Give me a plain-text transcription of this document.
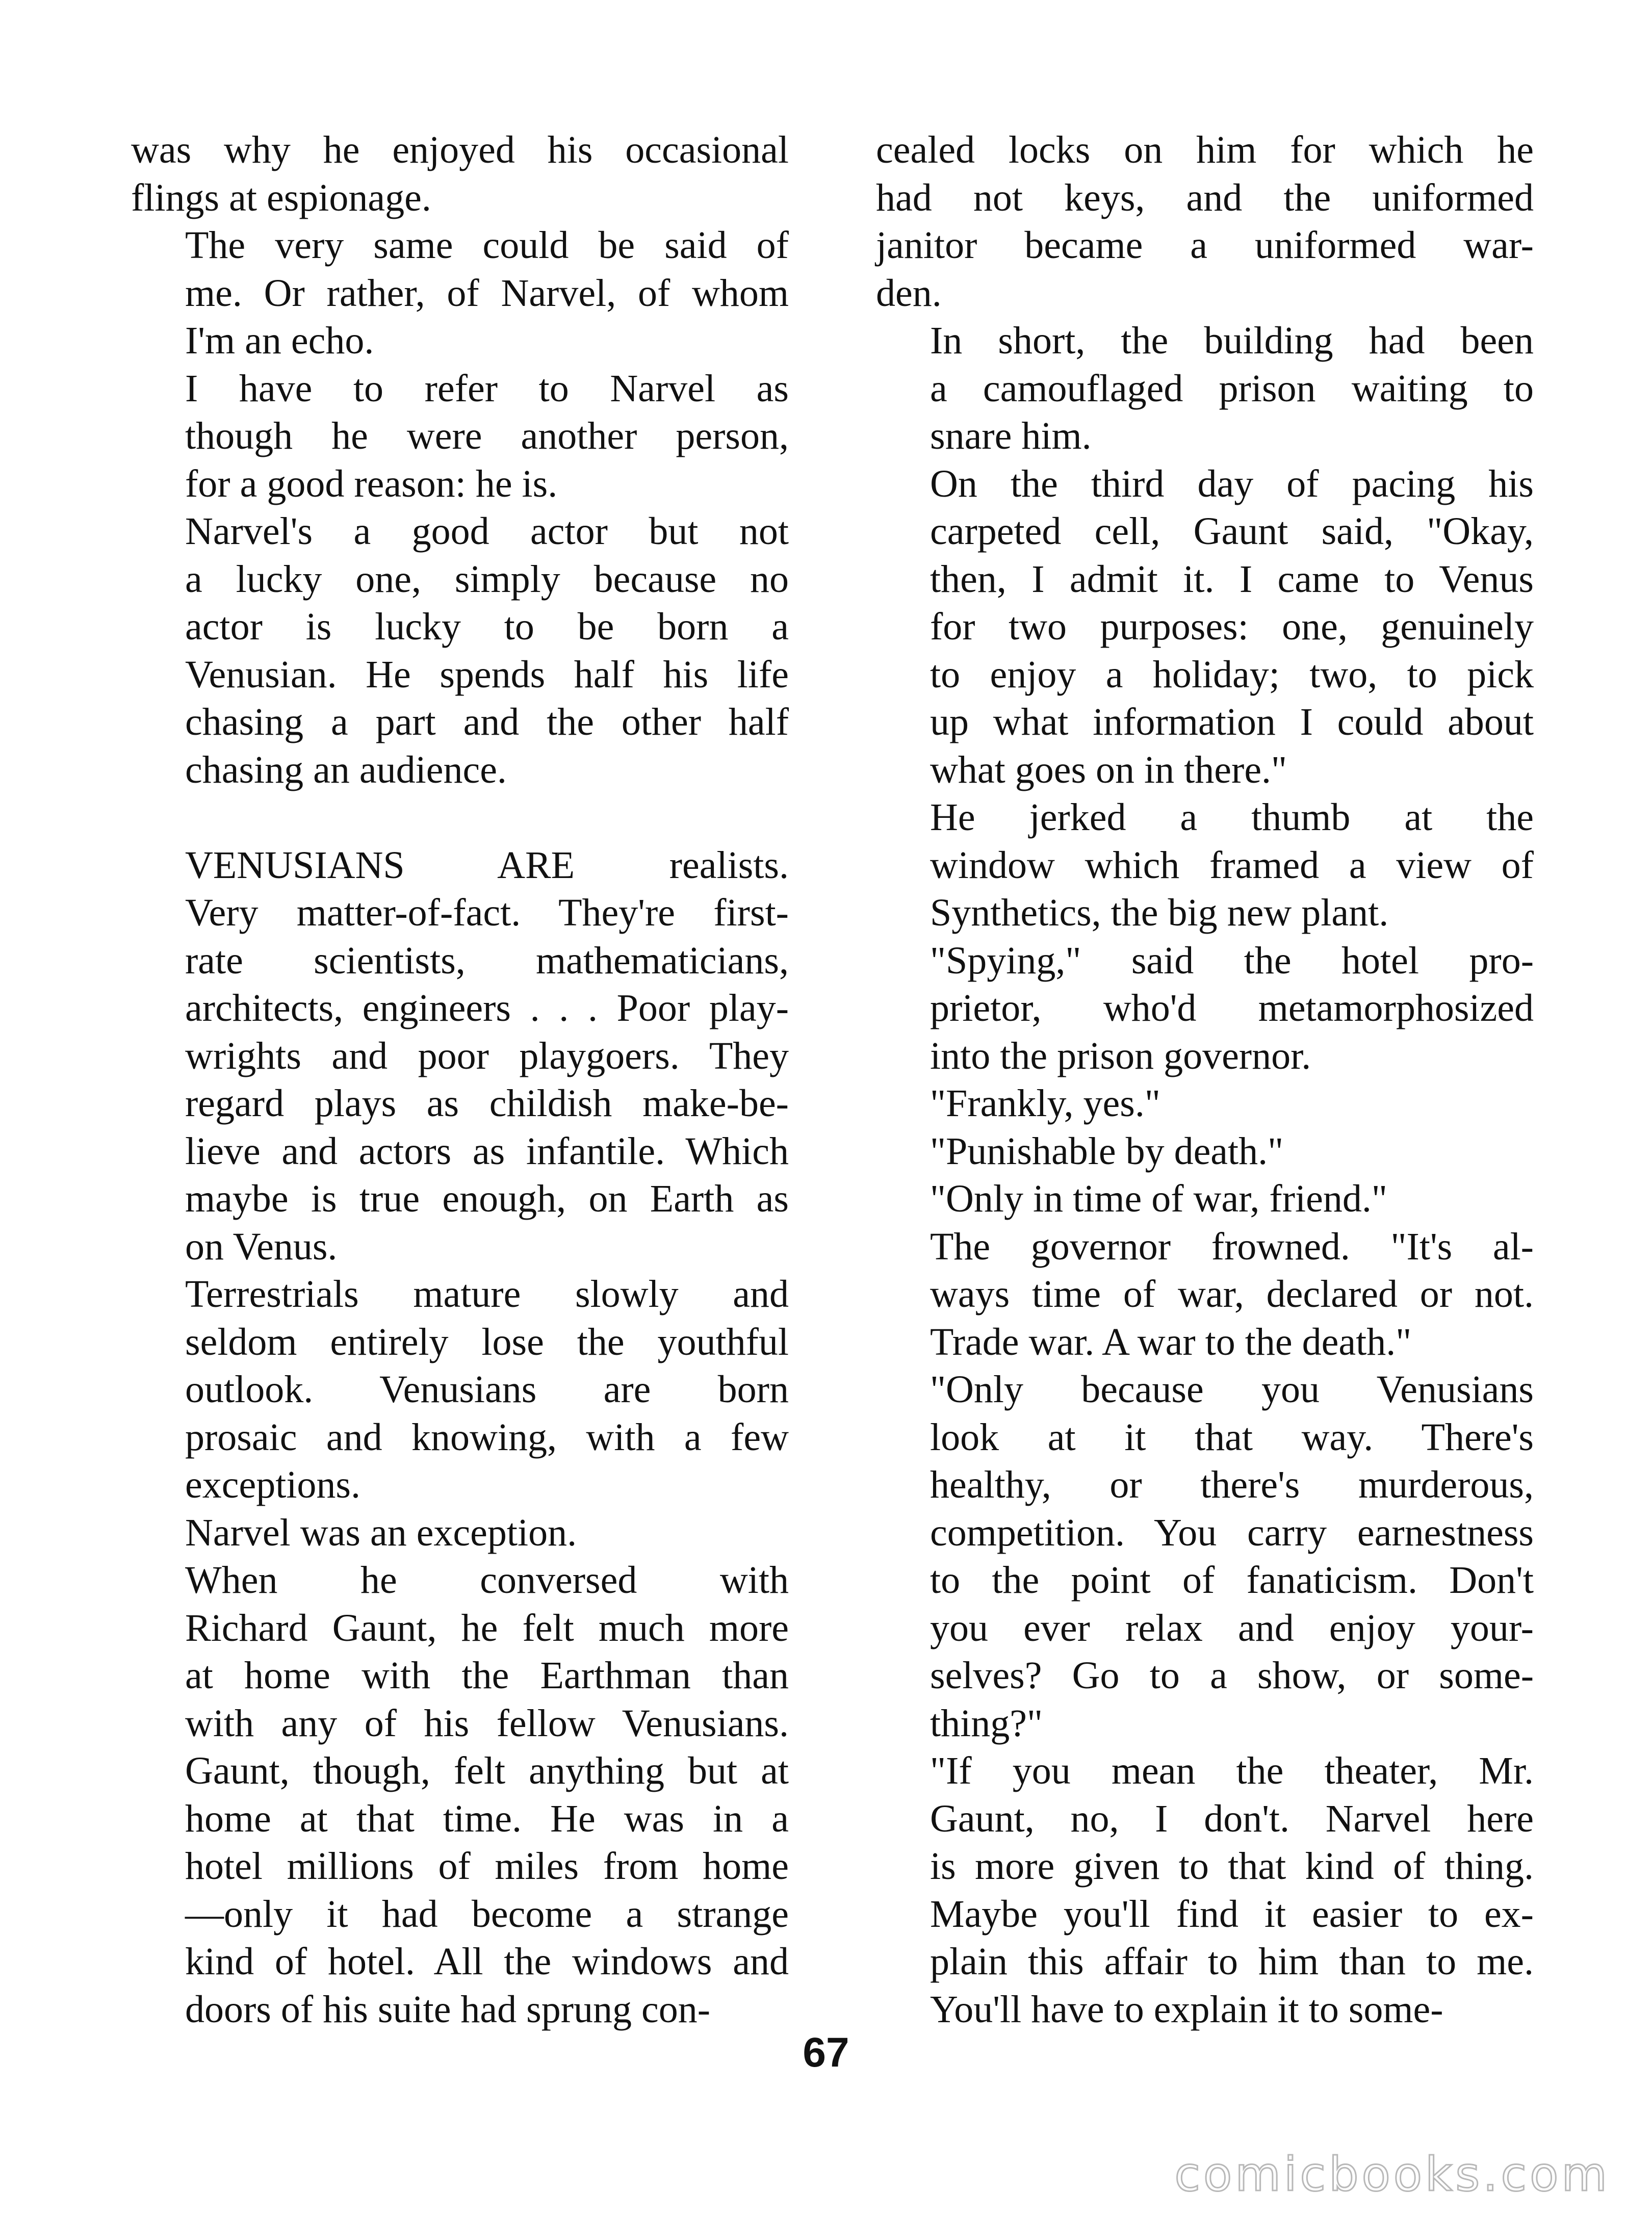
was why he enjoyed his occasional
flings at espionage.

The very same could be said of
me. Or rather, of Narvel, of whom
I'm an echo.

I have to refer to Narvel as
though he were another person,
for a good reason: he is.

Narvel's a good actor but not
a lucky one, simply because no
actor is lucky to be born a
Venusian. He spends half his life
chasing a part and the other half
chasing an audience.

VENUSIANS ARE realists.
Very matter-of-fact. They're first-
rate scientists, mathematicians,
architects, engineers . . . Poor play-
wrights and poor playgoers. They
regard plays as childish make-be-
lieve and actors as infantile. Which
maybe is true enough, on Earth as
on Venus.

Terrestrials mature slowly and
seldom entirely lose the youthful
outlook. Venusians are born
prosaic and knowing, with a few
exceptions.

Narvel was an exception.

When he conversed with
Richard Gaunt, he felt much more
at home with the Earthman than
with any of his fellow Venusians.
Gaunt, though, felt anything but at
home at that time. He was in a
hotel millions of miles from home
—only it had become a strange
kind of hotel. All the windows and
doors of his suite had sprung con-

cealed locks on him for which he
had not keys, and the uniformed
janitor became a uniformed war-
den.

In short, the building had been
a camouflaged prison waiting to
snare him.

On the third day of pacing his
carpeted cell, Gaunt said, "Okay,
then, I admit it. I came to Venus
for two purposes: one, genuinely
to enjoy a holiday; two, to pick
up what information I could about
what goes on in there."

He jerked a thumb at the
window which framed a view of
Synthetics, the big new plant.

"Spying," said the hotel pro-
prietor, who'd metamorphosized
into the prison governor.

"Frankly, yes."

"Punishable by death."

"Only in time of war, friend."

The governor frowned. "It's al-
ways time of war, declared or not.
Trade war. A war to the death."

"Only because you Venusians
look at it that way. There's
healthy, or there's murderous,
competition. You carry earnestness
to the point of fanaticism. Don't
you ever relax and enjoy your-
selves? Go to a show, or some-
thing?"

"If you mean the theater, Mr.
Gaunt, no, I don't. Narvel here
is more given to that kind of thing.
Maybe you'll find it easier to ex-
plain this affair to him than to me.
You'll have to explain it to some-

67
comicbooks.com
